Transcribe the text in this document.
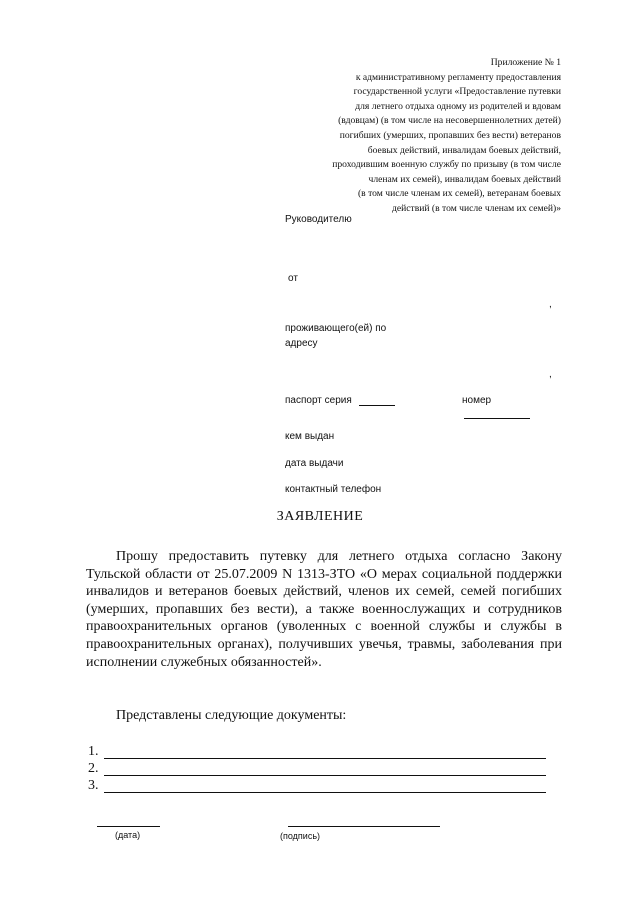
Приложение № 1
к административному регламенту предоставления
государственной услуги «Предоставление путевки
для летнего отдыха одному из родителей и вдовам
(вдовцам) (в том числе на несовершеннолетних детей)
погибших (умерших, пропавших без вести) ветеранов
боевых действий, инвалидам боевых действий,
проходившим военную службу по призыву (в том числе
членам их семей), инвалидам боевых действий
(в том числе членам их семей), ветеранам боевых
действий (в том числе членам их семей)»
Руководителю
от
,
проживающего(ей) по
адресу
,
паспорт серия	номер
кем выдан
дата выдачи
контактный телефон
ЗАЯВЛЕНИЕ
Прошу предоставить путевку для летнего отдыха согласно Закону Тульской области от 25.07.2009 N 1313-ЗТО «О мерах социальной поддержки инвалидов и ветеранов боевых действий, членов их семей, семей погибших (умерших, пропавших без вести), а также военнослужащих и сотрудников правоохранительных органов (уволенных с военной службы и службы в правоохранительных органах), получивших увечья, травмы, заболевания при исполнении служебных обязанностей».
Представлены следующие документы:
1.
2.
3.
(дата)	(подпись)
